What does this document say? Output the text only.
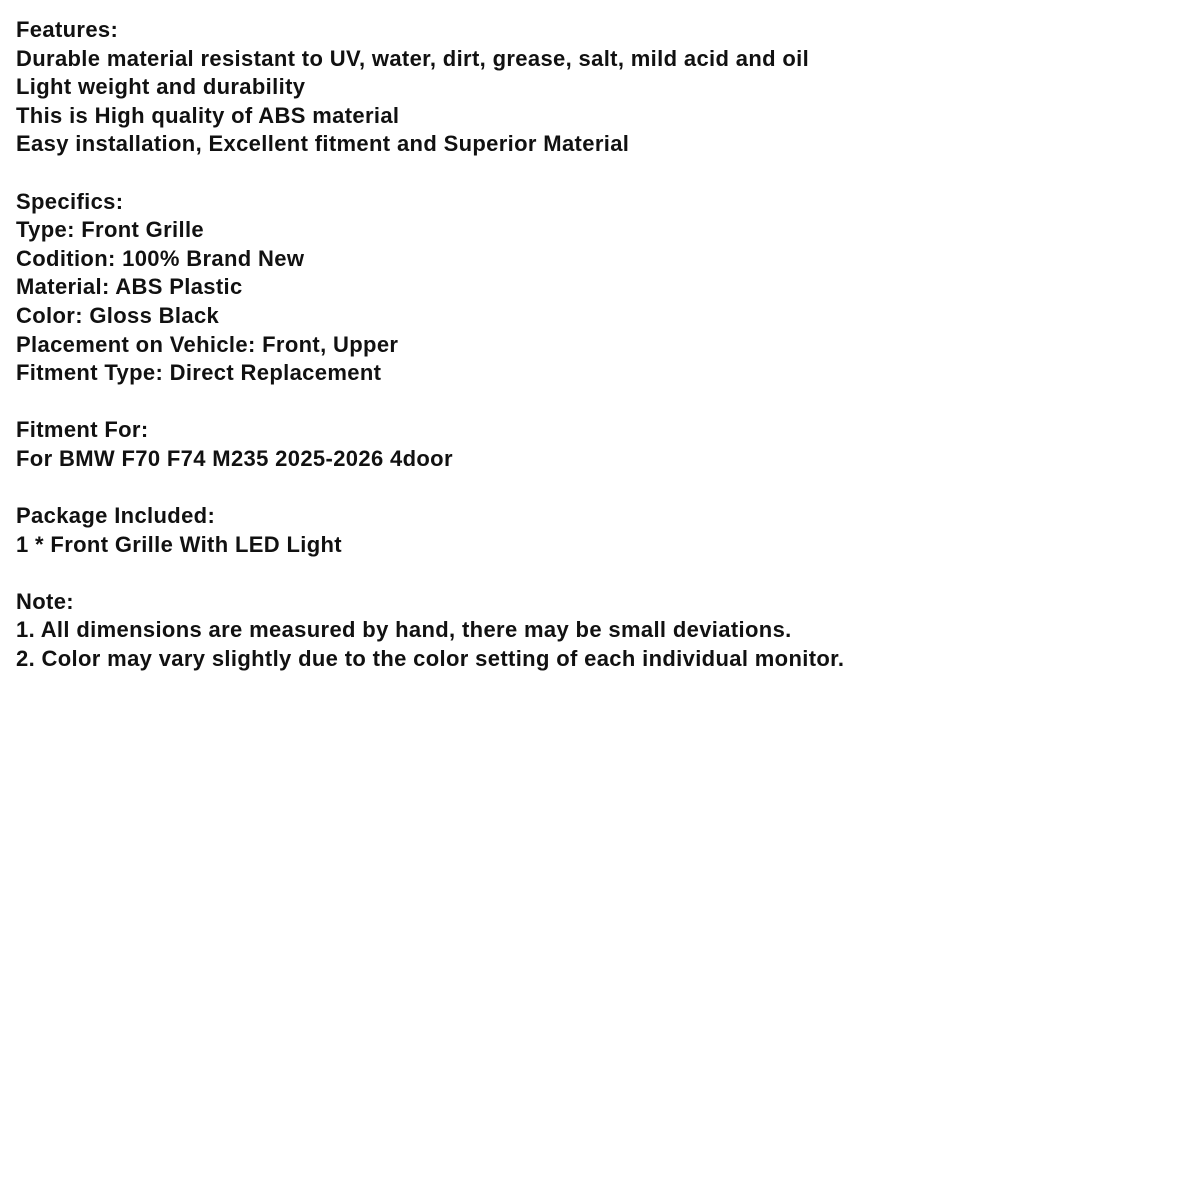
Features:
Durable material resistant to UV, water, dirt, grease, salt, mild acid and oil
Light weight and durability
This is High quality of ABS material
Easy installation, Excellent fitment and Superior Material
Specifics:
Type: Front Grille
Codition: 100% Brand New
Material: ABS Plastic
Color: Gloss Black
Placement on Vehicle: Front, Upper
Fitment Type: Direct Replacement
Fitment For:
For BMW F70 F74 M235 2025-2026 4door
Package Included:
1 * Front Grille With LED Light
Note:
1. All dimensions are measured by hand, there may be small deviations.
2. Color may vary slightly due to the color setting of each individual monitor.
